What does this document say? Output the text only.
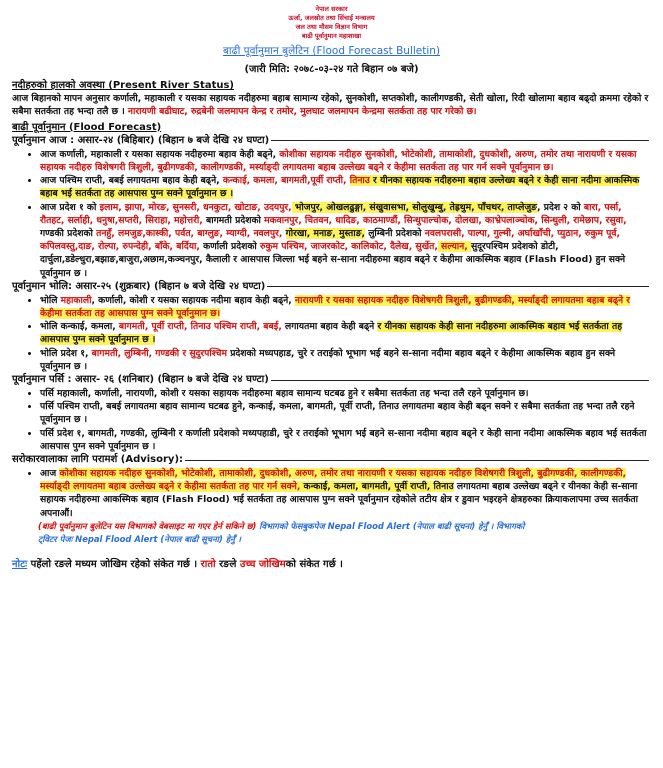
नेपाल सरकार
ऊर्जा, जलस्रोत तथा सिंचाई मन्त्रालय
जल तथा मौसम विज्ञान विभाग
बाढी पूर्वानुमान महाशाखा
बाढी पूर्वानुमान बुलेटिन (Flood Forecast Bulletin)
(जारी मिति: २०७८-०३-२४ गते बिहान ०७ बजे)
नदीहरुको हालको अवस्था (Present River Status)
आज बिहानको मापन अनुसार कर्णाली, महाकाली र यसका सहायक नदीहरुमा बहाब सामान्य रहेको, सुनकोशी, सप्तकोशी, कालीगण्डकी, सेती खोला, रिदी खोलामा बहाव बढ्दो क्रममा रहेको र सबैमा सतर्कता तह भन्दा तलै छ । नारायणी बढीघाट, रुद्रबेनी जलमापन केन्द्र र तमोर, मुलघाट जलमापन केन्द्रमा सतर्कता तह पार गरेको छ।
बाढी पूर्वानुमान (Flood Forecast)
पूर्वानुमान आज : असार-२४ (बिहिबार) (बिहान ७ बजे देखि २४ घण्टा)
• आज कर्णाली, महाकाली र यसका सहायक नदीहरुमा बहाव केही बढ्ने, कोशीका सहायक नदीहरु सुनकोशी, भोटेकोशी, तामाकोशी, दुधकोशी, अरुण, तमोर तथा नारायणी र यसका सहायक नदीहरु विशेषगरी त्रिशुली, बुढीगण्डकी, कालीगण्डकी, मर्स्याङ्दी लगायतमा बहाब उल्लेख्य बढ्ने र केहीमा सतर्कता तह पार गर्न सक्ने पूर्वानुमान छ।
• आज पश्चिम राप्ती, बबई लगायतमा बहाव केही बढ्ने, कन्काई, कमला, बागमती,पूर्वी राप्ती, तिनाउ र यीनका सहायक नदीहरुमा बहाव उल्लेख्य बढ्ने र केही साना नदीमा आकस्मिक बहाब भई सतर्कता तह आसपास पुग्न सक्ने पूर्वानुमान छ ।
• आज प्रदेश १ को इलाम, झापा, मोरङ, सुनसरी, धनकुटा, खोटाङ, उदयपुर, भोजपुर, ओखलढुङ्गा, संखुवासभा, सोलुखुम्बु, तेह्रथुम, पाँचथर, ताप्लेजुङ, प्रदेश २ को बारा, पर्सा, रौतहट, सर्लाही, धनुषा,सप्तरी, सिराहा, महोत्तरी, बागमती प्रदेशको मकवानपुर, चितवन, धादिङ, काठमाण्डौं, सिन्धुपाल्चोक, दोलखा, काभ्रेपलाञ्चोक, सिन्धुली, रामेछाप, रसुवा, गण्डकी प्रदेशको तनहुँ, लमजुङ,कास्की, पर्वत, बाग्लुङ, म्याग्दी, नवलपुर, गोरखा, मनाङ, मुस्ताङ, लुम्बिनी प्रदेशको नवलपरासी, पाल्पा, गुल्मी, अर्घाखाँची, प्युठान, रुकुम पूर्व, कपिलवस्तु,दाङ, रोल्पा, रुपन्देही, बाँके, बर्दिया, कर्णाली प्रदेशको रुकुम पश्चिम, जाजरकोट, कालिकोट, दैलेख, सुर्खेत, सल्यान, सुदूरपश्चिम प्रदेशको डोटी, दार्चुला,डडेल्धुरा,बझाङ,बाजुरा,अछाम,कञ्चनपुर, कैलाली र आसपास जिल्ला भई बहने स-साना नदीहरुमा बहाव बढ्ने र केहीमा आकस्मिक बहाव (Flash Flood) हुन सक्ने पूर्वानुमान छ ।
पूर्वानुमान भोलि: असार-२५ (शुक्रबार) (बिहान ७ बजे देखि २४ घण्टा)
• भोलि महाकाली, कर्णाली, कोशी र यसका सहायक नदीमा बहाव केही बढ्ने, नारायणी र यसका सहायक नदीहरु विशेषगरी त्रिशुली, बुढीगण्डकी, मर्स्याङ्दी लगायतमा बहाब बढ्ने र केहीमा सतर्कता तह आसपास पुग्न सक्ने पूर्वानुमान छ।
• भोलि कन्काई, कमला, बागमती, पूर्वी राप्ती, तिनाउ पश्चिम राप्ती, बबई, लगायतमा बहाव केही बढ्ने र यीनका सहायक केही साना नदीहरुमा आकस्मिक बहाव भई सतर्कता तह आसपास पुग्न सक्ने पूर्वानुमान छ ।
• भोलि प्रदेश १, बागमती, लुम्बिनी, गण्डकी र सुदुरपश्चिम प्रदेशको मध्यपहाड, चुरे र तराईको भूभाग भई बहने स-साना नदीमा बहाव बढ्ने र केहीमा आकस्मिक बहाव हुन सक्ने पूर्वानुमान छ ।
पूर्वानुमान पर्सि : असार- २६ (शनिबार) (बिहान ७ बजे देखि २४ घण्टा)
• पर्सि महाकाली, कर्णाली, नारायणी, कोशी र यसका सहायक नदीहरुमा बहाव सामान्य घटबढ हुने र सबैमा सतर्कता तह भन्दा तलै रहने पूर्वानुमान छ।
• पर्सि पश्चिम राप्ती, बबई लगायतमा बहाव सामान्य घटबढ हुने, कन्काई, कमला, बागमती, पूर्वी राप्ती, तिनाउ लगायतमा बहाव केही बढ्न सक्ने र सबैमा सतर्कता तह भन्दा तलै रहने पूर्वानुमान छ ।
• पर्सि प्रदेश १, बागमती, गण्डकी, लुम्बिनी र कर्णाली प्रदेशको मध्यपहाडी, चुरे र तराईको भूभाग भई बहने स-साना नदीमा बहाव बढ्ने र केही साना नदीमा आकस्मिक बहाव भई सतर्कता आसपास पुग्न सक्ने पूर्वानुमान छ ।
सरोकारवालाका लागि परामर्श (Advisory):
• आज कोशीका सहायक नदीहरु सुनकोशी, भोटेकोशी, तामाकोशी, दुधकोशी, अरुण, तमोर तथा नारायणी र यसका सहायक नदीहरु विशेषगरी त्रिशुली, बुढीगण्डकी, कालीगण्डकी, मर्स्याङ्दी लगायतमा बहाब उल्लेख्य बढ्ने र केहीमा सतर्कता तह पार गर्न सक्ने, कन्काई, कमला, बागमती, पूर्वी राप्ती, तिनाउ लगायतमा बहाब उल्लेख्य बढ्ने र यीनका केही स-साना सहायक नदीहरुमा आकस्मिक बहाव (Flash Flood) भई सतर्कता तह आसपास पुग्न सक्ने पूर्वानुमान रहेकोले तटीय क्षेत्र र डुवान भइरहने क्षेत्रहरुका क्रियाकलापमा उच्च सतर्कता अपनाऔं।
(बाढी पूर्वानुमान बुलेटिन यस विभागको वेबसाइट मा गएर हेर्न सकिने छ) विभागको फेसबुकपेज Nepal Flood Alert (नेपाल बाढी सूचना) हेर्नुँ । विभागको
ट्विटर पेजः Nepal Flood Alert (नेपाल बाढी सूचना) हेर्नुँ ।
नोटः पहेंलो रङले मध्यम जोखिम रहेको संकेत गर्छ । रातो रङले उच्च जोखिमको संकेत गर्छ ।
